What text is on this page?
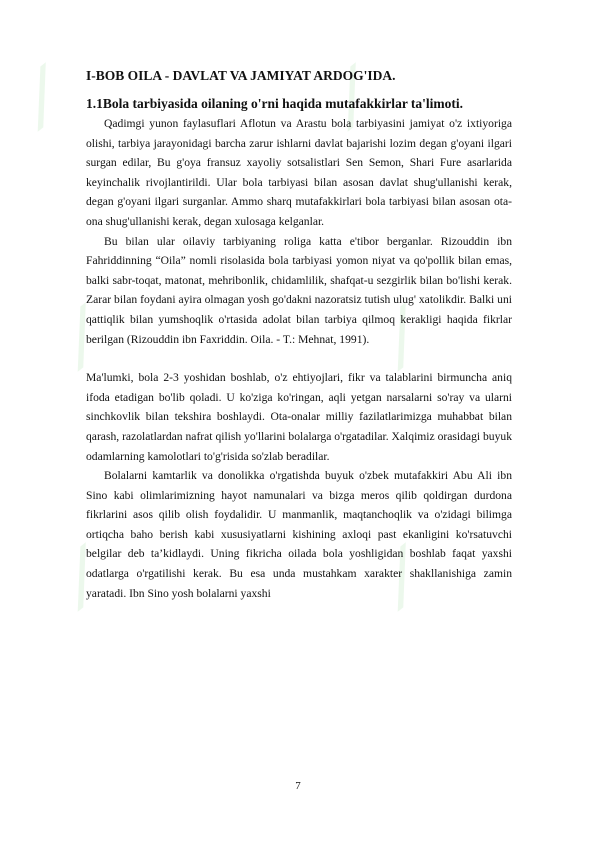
⟋	⟋
⟋	⟋
⟋	⟋

I-BOB OILA - DAVLAT VA JAMIYAT ARDOG'IDA.

1.1Bola tarbiyasida oilaning o'rni haqida mutafakkirlar ta'limoti.

Qadimgi yunon faylasuflari Aflotun va Arastu bola tarbiyasini jamiyat o'z ixtiyoriga olishi, tarbiya jarayonidagi barcha zarur ishlarni davlat bajarishi lozim degan g'oyani ilgari surgan edilar, Bu g'oya fransuz xayoliy sotsalistlari Sen Semon, Shari Fure asarlarida keyinchalik rivojlantirildi. Ular bola tarbiyasi bilan asosan davlat shug'ullanishi kerak, degan g'oyani ilgari surganlar. Ammo sharq mutafakkirlari bola tarbiyasi bilan asosan ota-ona shug'ullanishi kerak, degan xulosaga kelganlar.

Bu bilan ular oilaviy tarbiyaning roliga katta e'tibor berganlar. Rizouddin ibn Fahriddinning “Oila” nomli risolasida bola tarbiyasi yomon niyat va qo'pollik bilan emas, balki sabr-toqat, matonat, mehribonlik, chidamlilik, shafqat-u sezgirlik bilan bo'lishi kerak. Zarar bilan foydani ayira olmagan yosh go'dakni nazoratsiz tutish ulug' xatolikdir. Balki uni qattiqlik bilan yumshoqlik o'rtasida adolat bilan tarbiya qilmoq kerakligi haqida fikrlar berilgan (Rizouddin ibn Faxriddin. Oila. - T.: Mehnat, 1991).

Ma'lumki, bola 2-3 yoshidan boshlab, o'z ehtiyojlari, fikr va talablarini birmuncha aniq ifoda etadigan bo'lib qoladi. U ko'ziga ko'ringan, aqli yetgan narsalarni so'ray va ularni sinchkovlik bilan tekshira boshlaydi. Ota-onalar milliy fazilatlarimizga muhabbat bilan qarash, razolatlardan nafrat qilish yo'llarini bolalarga o'rgatadilar. Xalqimiz orasidagi buyuk odamlarning kamolotlari to'g'risida so'zlab beradilar.

Bolalarni kamtarlik va donolikka o'rgatishda buyuk o'zbek mutafakkiri Abu Ali ibn Sino kabi olimlarimizning hayot namunalari va bizga meros qilib qoldirgan durdona fikrlarini asos qilib olish foydalidir. U manmanlik, maqtanchoqlik va o'zidagi bilimga ortiqcha baho berish kabi xususiyatlarni kishining axloqi past ekanligini ko'rsatuvchi belgilar deb ta’kidlaydi. Uning fikricha oilada bola yoshligidan boshlab faqat yaxshi odatlarga o'rgatilishi kerak. Bu esa unda mustahkam xarakter shakllanishiga zamin yaratadi. Ibn Sino yosh bolalarni yaxshi

7
